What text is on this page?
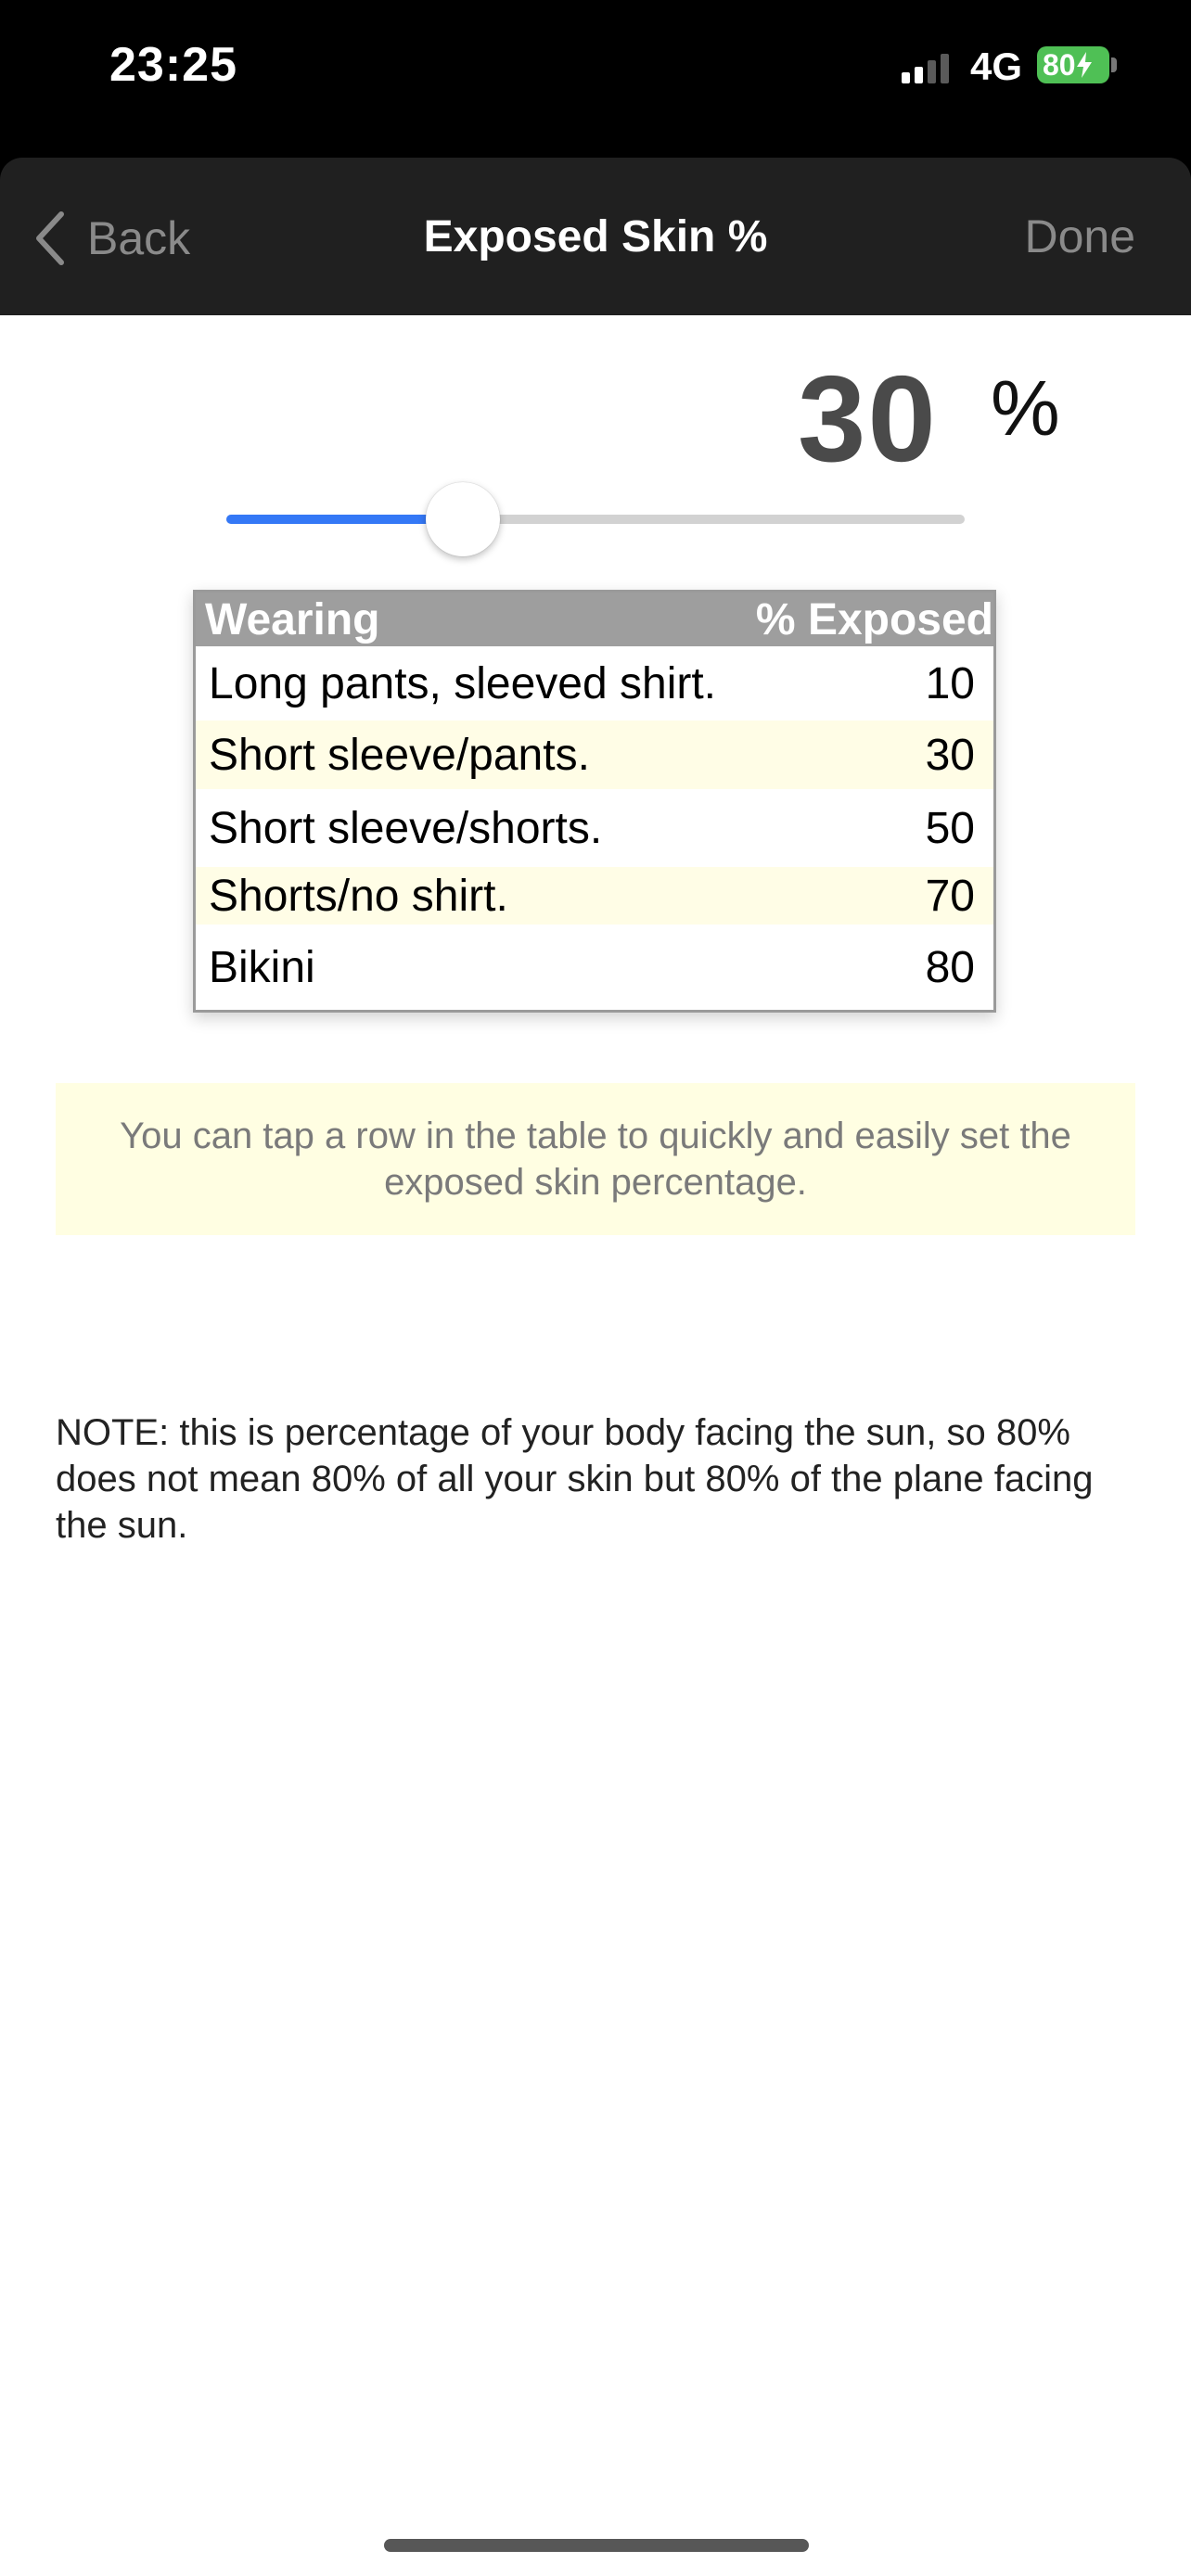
23:25	4G 80
Back	Exposed Skin %	Done
30 %
Wearing	% Exposed
Long pants, sleeved shirt.	10
Short sleeve/pants.	30
Short sleeve/shorts.	50
Shorts/no shirt.	70
Bikini	80
You can tap a row in the table to quickly and easily set the exposed skin percentage.
NOTE: this is percentage of your body facing the sun, so 80% does not mean 80% of all your skin but 80% of the plane facing the sun.
